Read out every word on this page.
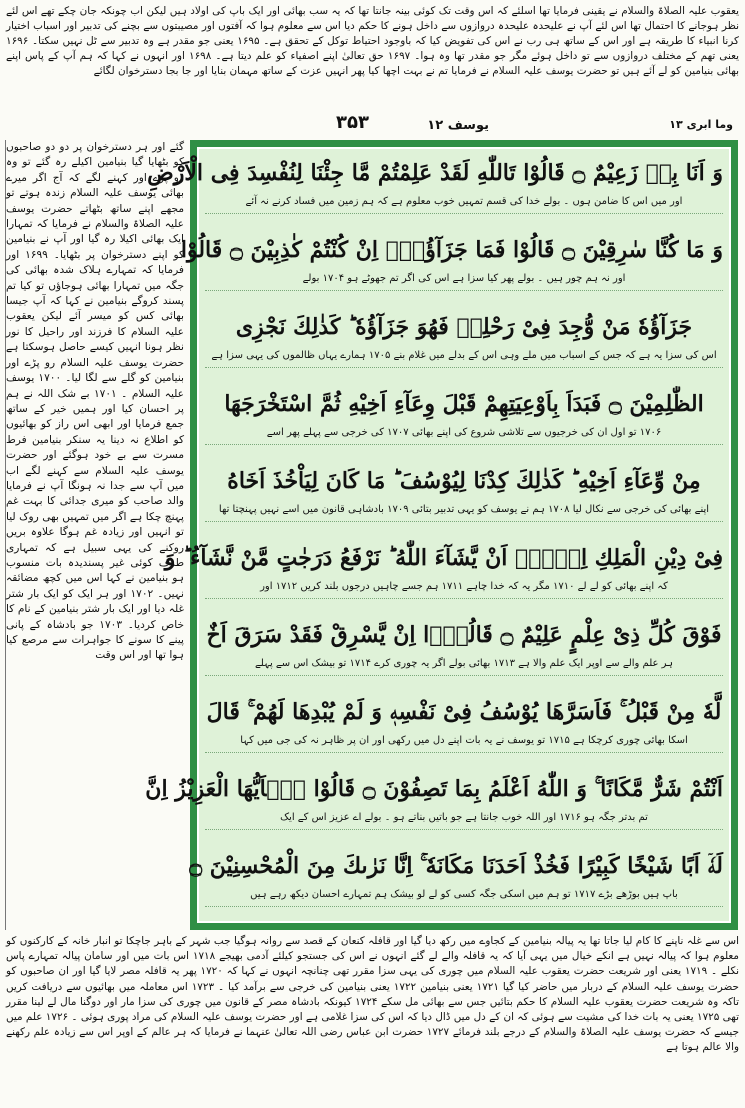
یعقوب علیہ الصلاۃ والسلام نے یقینی فرمایا تھا اسلئے کہ اس وقت تک کوئی بینہ جانتا تھا کہ یہ سب بھائی اور ایک باپ کی اولاد ہیں لیکن اب چونکہ جان چکے تھے اس لئے نظر ہوجانے کا احتمال تھا اس لئے آپ نے علیحدہ علیحدہ دروازوں سے داخل ہونے کا حکم دیا اس سے معلوم ہوا کہ آفتوں اور مصیبتوں سے بچنے کی تدبیر اور اسباب اختیار کرنا انبیاء کا طریقہ ہے اور اس کے ساتھ ہی رب نے اس کی تفویض کیا کہ باوجود احتیاط توکل کے تحقق ہے۔ ۱۶۹۵ یعنی جو مقدر ہے وہ تدبیر سے ٹل نہیں سکتا۔ ۱۶۹۶ یعنی تھم کے مختلف دروازوں سے تو داخل ہوئے مگر جو مقدر تھا وہ ہوا۔ ۱۶۹۷ حق تعالیٰ اپنے اصفیاء کو علم دیتا ہے۔ ۱۶۹۸ اور انہوں نے کہا کہ ہم آپ کے پاس اپنے بھائی بنیامین کو لے آئے ہیں تو حضرت یوسف علیہ السلام نے فرمایا تم نے بہت اچھا کیا پھر انہیں عزت کے ساتھ مہمان بنایا اور جا بجا دسترخوان لگائے
وما ابری ۱۳
۳۵۳	یوسف ۱۲
گئے اور ہر دسترخوان پر دو دو صاحبوں کو بٹھایا گیا بنیامین اکیلے رہ گئے تو وہ رو پڑے اور کہنے لگے کہ آج اگر میرے بھائی یوسف علیہ السلام زندہ ہوتے تو مجھے اپنے ساتھ بٹھاتے حضرت یوسف علیہ الصلاۃ والسلام نے فرمایا کہ تمہارا ایک بھائی اکیلا رہ گیا اور آپ نے بنیامین کو اپنے دسترخوان پر بٹھایا۔ ۱۶۹۹ اور فرمایا کہ تمہارے ہلاک شدہ بھائی کی جگہ میں تمہارا بھائی ہوجاؤں تو کیا تم پسند کروگے بنیامین نے کہا کہ آپ جیسا بھائی کس کو میسر آئے لیکن یعقوب علیہ السلام کا فرزند اور راحیل کا نور نظر ہونا انہیں کیسے حاصل ہوسکتا ہے حضرت یوسف علیہ السلام رو پڑے اور بنیامین کو گلے سے لگا لیا۔ ۱۷۰۰ یوسف علیہ السلام ۔ ۱۷۰۱ بے شک اللہ نے ہم پر احسان کیا اور ہمیں خیر کے ساتھ جمع فرمایا اور ابھی اس راز کو بھائیوں کو اطلاع نہ دینا یہ سنکر بنیامین فرط مسرت سے بے خود ہوگئے اور حضرت یوسف علیہ السلام سے کہنے لگے اب میں آپ سے جدا نہ ہونگا آپ نے فرمایا والد صاحب کو میری جدائی کا بہت غم پہنچ چکا ہے اگر میں تمہیں بھی روک لیا تو انہیں اور زیادہ غم ہوگا علاوہ بریں روکنے کی یہی سبیل ہے کہ تمہاری طرف کوئی غیر پسندیدہ بات منسوب ہو بنیامین نے کہا اس میں کچھ مضائقہ نہیں۔ ۱۷۰۲ اور ہر ایک کو ایک بار شتر غلہ دیا اور ایک بار شتر بنیامین کے نام کا خاص کردیا۔ ۱۷۰۳ جو بادشاہ کے پانی پینے کا سونے کا جواہرات سے مرصع کیا ہوا تھا اور اس وقت
وَ اَنَا بِهٖ زَعِیْمٌ ۝ قَالُوْا تَاللّٰهِ لَقَدْ عَلِمْتُمْ مَّا جِئْنَا لِنُفْسِدَ فِی الْاَرْضِ
اور میں اس کا ضامن ہوں ۔ بولے خدا کی قسم تمہیں خوب معلوم ہے کہ ہم زمین میں فساد کرنے نہ آئے
وَ مَا كُنَّا سٰرِقِیْنَ ۝ قَالُوْا فَمَا جَزَآؤُهٗۤ اِنْ كُنْتُمْ كٰذِبِیْنَ ۝ قَالُوْا
اور نہ ہم چور ہیں ۔ بولے پھر کیا سزا ہے اس کی اگر تم جھوٹے ہو ۱۷۰۴ بولے
جَزَآؤُهٗ مَنْ وُّجِدَ فِیْ رَحْلِهٖ فَهُوَ جَزَآؤُهٗ ؕ كَذٰلِكَ نَجْزِی
اس کی سزا یہ ہے کہ جس کے اسباب میں ملے وہی اس کے بدلے میں غلام بنے ۱۷۰۵ ہمارے یہاں ظالموں کی یہی سزا ہے
الظّٰلِمِیْنَ ۝ فَبَدَاَ بِاَوْعِیَتِهِمْ قَبْلَ وِعَآءِ اَخِیْهِ ثُمَّ اسْتَخْرَجَهَا
۱۷۰۶ تو اول ان کی خرجیوں سے تلاشی شروع کی اپنے بھائی ۱۷۰۷ کی خرجی سے پہلے پھر اسے
مِنْ وِّعَآءِ اَخِیْهِ ؕ كَذٰلِكَ كِدْنَا لِیُوْسُفَ ؕ مَا كَانَ لِیَاْخُذَ اَخَاهُ
اپنے بھائی کی خرجی سے نکال لیا ۱۷۰۸ ہم نے یوسف کو یہی تدبیر بتائی ۱۷۰۹ بادشاہی قانون میں اسے نہیں پہنچتا تھا
فِیْ دِیْنِ الْمَلِكِ اِلَّاۤ اَنْ یَّشَآءَ اللّٰهُ ؕ نَرْفَعُ دَرَجٰتٍ مَّنْ نَّشَآءُ ؕ وَ
کہ اپنے بھائی کو لے لے ۱۷۱۰ مگر یہ کہ خدا چاہے ۱۷۱۱ ہم جسے چاہیں درجوں بلند کریں ۱۷۱۲ اور
فَوْقَ كُلِّ ذِیْ عِلْمٍ عَلِیْمٌ ۝ قَالُوْۤا اِنْ یَّسْرِقْ فَقَدْ سَرَقَ اَخٌ
ہر علم والے سے اوپر ایک علم والا ہے ۱۷۱۳ بھائی بولے اگر یہ چوری کرے ۱۷۱۴ تو بیشک اس سے پہلے
لَّهٗ مِنْ قَبْلُ ۚ فَاَسَرَّهَا یُوْسُفُ فِیْ نَفْسِهٖ وَ لَمْ یُبْدِهَا لَهُمْ ۚ قَالَ
اسکا بھائی چوری کرچکا ہے ۱۷۱۵ تو یوسف نے یہ بات اپنے دل میں رکھی اور ان پر ظاہر نہ کی جی میں کہا
اَنْتُمْ شَرٌّ مَّكَانًا ۚ وَ اللّٰهُ اَعْلَمُ بِمَا تَصِفُوْنَ ۝ قَالُوْا یٰۤاَیُّهَا الْعَزِیْزُ اِنَّ
تم بدتر جگہ ہو ۱۷۱۶ اور اللہ خوب جانتا ہے جو باتیں بناتے ہو ۔ بولے اے عزیز اس کے ایک
لَهٗۤ اَبًا شَیْخًا كَبِیْرًا فَخُذْ اَحَدَنَا مَكَانَهٗ ۚ اِنَّا نَرٰىكَ مِنَ الْمُحْسِنِیْنَ ۝
باپ ہیں بوڑھے بڑے ۱۷۱۷ تو ہم میں اسکی جگہ کسی کو لے لو بیشک ہم تمہارے احسان دیکھ رہے ہیں
اس سے غلہ ناپنے کا کام لیا جاتا تھا یہ پیالہ بنیامین کے کجاوے میں رکھ دیا گیا اور قافلہ کنعان کے قصد سے روانہ ہوگیا جب شہر کے باہر جاچکا تو انبار خانہ کے کارکنوں کو معلوم ہوا کہ پیالہ نہیں ہے انکے خیال میں یہی آیا کہ یہ قافلہ والے لے گئے انہوں نے اس کی جستجو کیلئے آدمی بھیجے ۱۷۱۸ اس بات میں اور سامان پیالہ تمہارے پاس نکلے ۔ ۱۷۱۹ یعنی اور شریعت حضرت یعقوب علیہ السلام میں چوری کی یہی سزا مقرر تھی چنانچہ انہوں نے کہا کہ ۱۷۲۰ پھر یہ قافلہ مصر لایا گیا اور ان صاحبوں کو حضرت یوسف علیہ السلام کے دربار میں حاضر کیا گیا ۱۷۲۱ یعنی بنیامین ۱۷۲۲ یعنی بنیامین کی خرجی سے برآمد کیا ۔ ۱۷۲۳ اس معاملہ میں بھائیوں سے دریافت کریں تاکہ وہ شریعت حضرت یعقوب علیہ السلام کا حکم بتائیں جس سے بھائی مل سکے ۱۷۲۴ کیونکہ بادشاہ مصر کے قانون میں چوری کی سزا مار اور دوگنا مال لے لینا مقرر تھی ۱۷۲۵ یعنی یہ بات خدا کی مشیت سے ہوئی کہ ان کے دل میں ڈال دیا کہ اس کی سزا غلامی ہے اور حضرت یوسف علیہ السلام کی مراد پوری ہوئی ۔ ۱۷۲۶ علم میں جیسے کہ حضرت یوسف علیہ الصلاۃ والسلام کے درجے بلند فرمائے ۱۷۲۷ حضرت ابن عباس رضی اللہ تعالیٰ عنہما نے فرمایا کہ ہر عالم کے اوپر اس سے زیادہ علم رکھنے والا عالم ہوتا ہے
